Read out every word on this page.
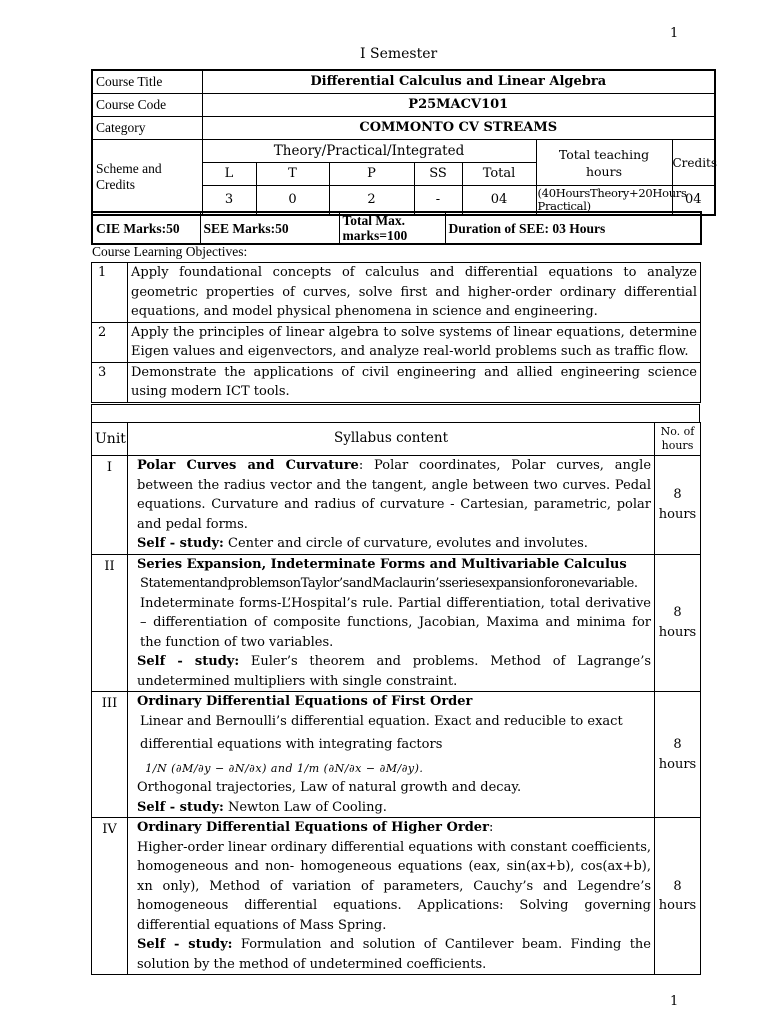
1
I Semester
Course Title	Differential Calculus and Linear Algebra						
Course Code	P25MACV101						
Category	COMMONTO CV STREAMS						
Scheme and Credits	Theory/Practical/Integrated					Total teaching hours	Credits
	L	T	P	SS	Total		
	3	0	2	-	04	(40HoursTheory+20Hours Practical)	04
CIE Marks:50	SEE Marks:50	Total Max. marks=100	Duration of SEE: 03 Hours
Course Learning Objectives:
1	Apply foundational concepts of calculus and differential equations to analyze geometric properties of curves, solve first and higher-order ordinary differential equations, and model physical phenomena in science and engineering.
2	Apply the principles of linear algebra to solve systems of linear equations, determine Eigen values and eigenvectors, and analyze real-world problems such as traffic flow.
3	Demonstrate the applications of civil engineering and allied engineering science using modern ICT tools.
Unit	Syllabus content	No. of hours
I	Polar Curves and Curvature: Polar coordinates, Polar curves, angle between the radius vector and the tangent, angle between two curves. Pedal equations. Curvature and radius of curvature - Cartesian, parametric, polar and pedal forms.
Self - study: Center and circle of curvature, evolutes and involutes.	8 hours
II	Series Expansion, Indeterminate Forms and Multivariable Calculus
StatementandproblemsonTaylor’sandMaclaurin’sseriesexpansionforonevariable.

Indeterminate forms-L’Hospital’s rule. Partial differentiation, total derivative – differentiation of composite functions, Jacobian, Maxima and minima for the function of two variables.
Self - study: Euler’s theorem and problems. Method of Lagrange’s undetermined multipliers with single constraint.	8 hours
III	Ordinary Differential Equations of First Order
Linear and Bernoulli’s differential equation. Exact and reducible to exact
differential equations with integrating factors  1/N (∂M/∂y − ∂N/∂x) and 1/m (∂N/∂x − ∂M/∂y).
Orthogonal trajectories, Law of natural growth and decay.
Self - study: Newton Law of Cooling.	8 hours
IV	Ordinary Differential Equations of Higher Order:
Higher-order linear ordinary differential equations with constant coefficients, homogeneous and non- homogeneous equations (eax, sin(ax+b), cos(ax+b), xn only), Method of variation of parameters, Cauchy’s and Legendre’s homogeneous differential equations. Applications: Solving governing differential equations of Mass Spring.
Self - study: Formulation and solution of Cantilever beam. Finding the solution by the method of undetermined coefficients.	8 hours
1
